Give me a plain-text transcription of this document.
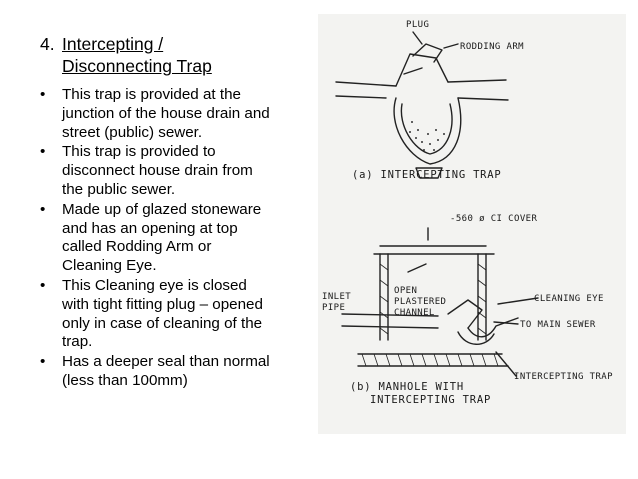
4. Intercepting /
Disconnecting Trap
• This trap is provided at the
junction of the house drain and
street (public) sewer.
• This trap is provided to
disconnect house drain from
the public sewer.
• Made up of glazed stoneware
and has an opening at top
called Rodding Arm or
Cleaning Eye.
• This Cleaning eye is closed
with tight fitting plug – opened
only in case of cleaning of the
trap.
• Has a deeper seal than normal
(less than 100mm)
PLUG
RODDING ARM
(a) INTERCEPTING TRAP
-560 ø CI COVER
INLET
PIPE
OPEN
PLASTERED
CHANNEL
CLEANING EYE
TO MAIN SEWER
INTERCEPTING TRAP
(b) MANHOLE WITH
INTERCEPTING TRAP
